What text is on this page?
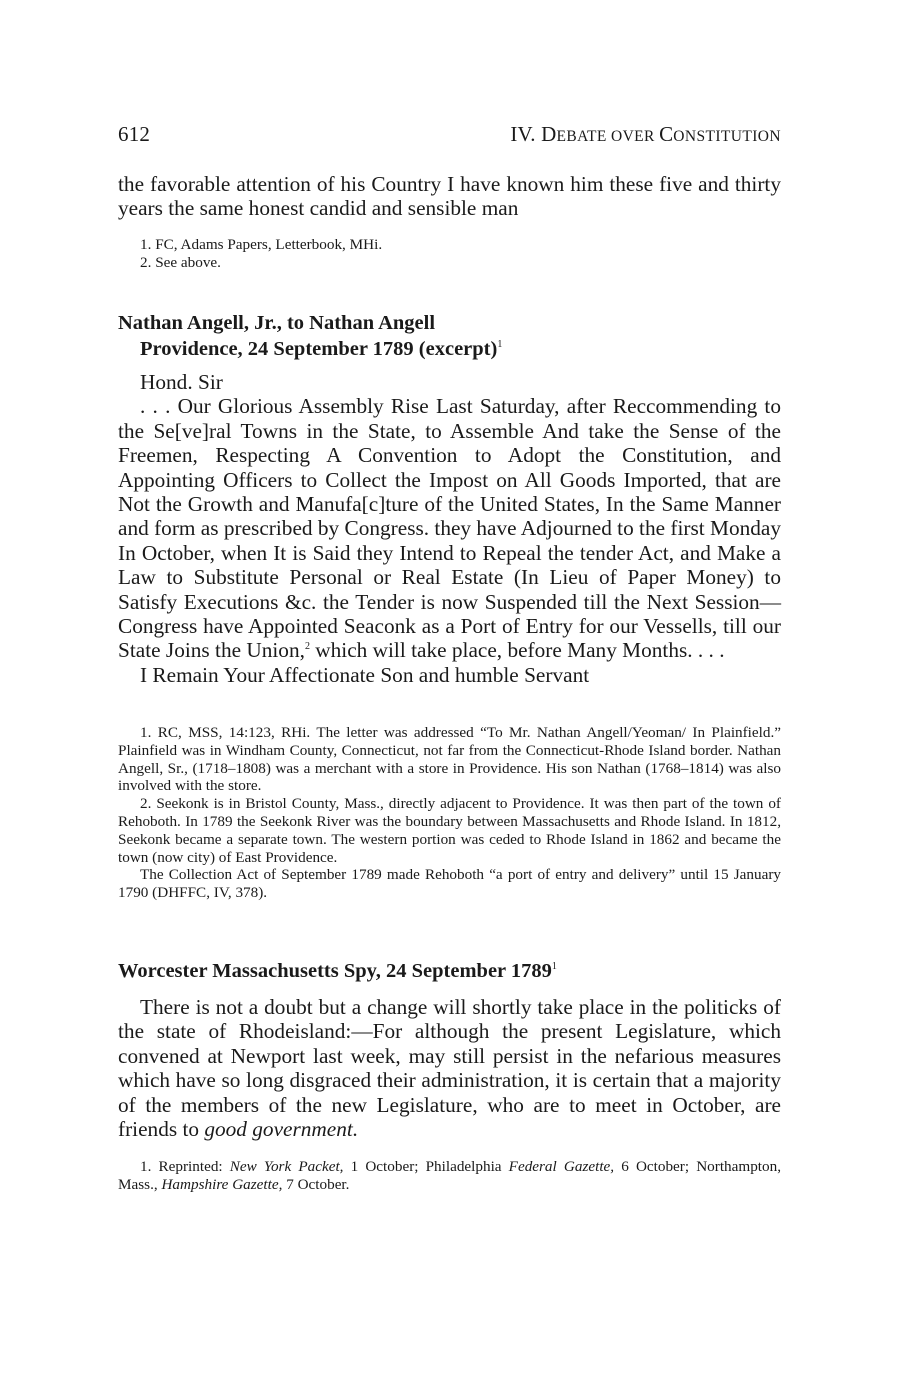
612	IV. DEBATE OVER CONSTITUTION

the favorable attention of his Country I have known him these five and thirty years the same honest candid and sensible man

1. FC, Adams Papers, Letterbook, MHi.

2. See above.

Nathan Angell, Jr., to Nathan Angell
Providence, 24 September 1789 (excerpt)$^1$

Hond. Sir

. . . Our Glorious Assembly Rise Last Saturday, after Reccommending to the Se[ve]ral Towns in the State, to Assemble And take the Sense of the Freemen, Respecting A Convention to Adopt the Constitution, and Appointing Officers to Collect the Impost on All Goods Imported, that are Not the Growth and Manufa[c]ture of the United States, In the Same Manner and form as prescribed by Congress. they have Adjourned to the first Monday In October, when It is Said they Intend to Repeal the tender Act, and Make a Law to Substitute Personal or Real Estate (In Lieu of Paper Money) to Satisfy Executions &c. the Tender is now Suspended till the Next Session—Congress have Appointed Seaconk as a Port of Entry for our Vessells, till our State Joins the Union,$^2$ which will take place, before Many Months. . . .

I Remain Your Affectionate Son and humble Servant

1. RC, MSS, 14:123, RHi. The letter was addressed “To Mr. Nathan Angell/Yeoman/ In Plainfield.” Plainfield was in Windham County, Connecticut, not far from the Connecticut-Rhode Island border. Nathan Angell, Sr., (1718–1808) was a merchant with a store in Providence. His son Nathan (1768–1814) was also involved with the store.

2. Seekonk is in Bristol County, Mass., directly adjacent to Providence. It was then part of the town of Rehoboth. In 1789 the Seekonk River was the boundary between Massachusetts and Rhode Island. In 1812, Seekonk became a separate town. The western portion was ceded to Rhode Island in 1862 and became the town (now city) of East Providence.

The Collection Act of September 1789 made Rehoboth “a port of entry and delivery” until 15 January 1790 (DHFFC, IV, 378).

Worcester Massachusetts Spy, 24 September 1789$^1$

There is not a doubt but a change will shortly take place in the politicks of the state of Rhodeisland:—For although the present Legislature, which convened at Newport last week, may still persist in the nefarious measures which have so long disgraced their administration, it is certain that a majority of the members of the new Legislature, who are to meet in October, are friends to good government.

1. Reprinted: New York Packet, 1 October; Philadelphia Federal Gazette, 6 October; Northampton, Mass., Hampshire Gazette, 7 October.
